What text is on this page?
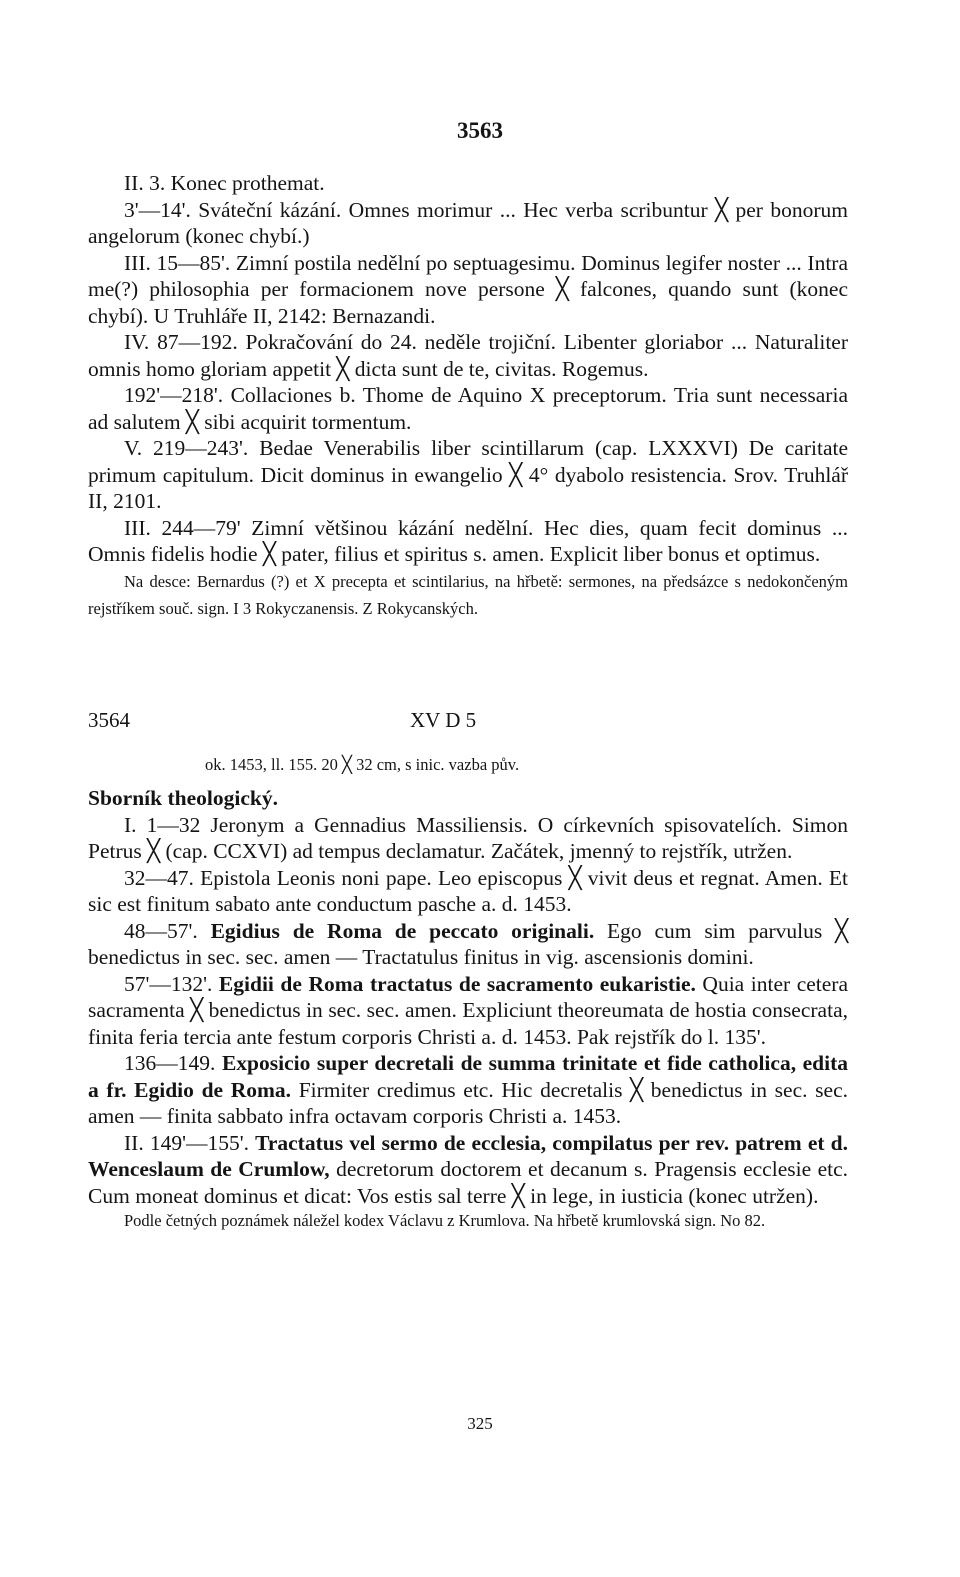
3563

II. 3. Konec prothemat.

3'—14'. Sváteční kázání. Omnes morimur ... Hec verba scribuntur ╳ per bonorum angelorum (konec chybí.)

III. 15—85'. Zimní postila nedělní po septuagesimu. Dominus legifer noster ... Intra me(?) philosophia per formacionem nove persone ╳ falcones, quando sunt (konec chybí). U Truhláře II, 2142: Bernazandi.

IV. 87—192. Pokračování do 24. neděle trojiční. Libenter gloriabor ... Naturaliter omnis homo gloriam appetit ╳ dicta sunt de te, civitas. Rogemus.

192'—218'. Collaciones b. Thome de Aquino X preceptorum. Tria sunt necessaria ad salutem ╳ sibi acquirit tormentum.

V. 219—243'. Bedae Venerabilis liber scintillarum (cap. LXXXVI) De caritate primum capitulum. Dicit dominus in ewangelio ╳ 4° dyabolo resistencia. Srov. Truhlář II, 2101.

III. 244—79' Zimní většinou kázání nedělní. Hec dies, quam fecit dominus ... Omnis fidelis hodie ╳ pater, filius et spiritus s. amen. Explicit liber bonus et optimus.

Na desce: Bernardus (?) et X precepta et scintilarius, na hřbetě: sermones, na předsázce s nedokončeným rejstříkem souč. sign. I 3 Rokyczanensis. Z Rokycanských.

3564	XV D 5
ok. 1453, ll. 155. 20 ╳ 32 cm, s inic. vazba pův.

Sborník theologický.

I. 1—32 Jeronym a Gennadius Massiliensis. O církevních spisovatelích. Simon Petrus ╳ (cap. CCXVI) ad tempus declamatur. Začátek, jmenný to rejstřík, utržen.

32—47. Epistola Leonis noni pape. Leo episcopus ╳ vivit deus et regnat. Amen. Et sic est finitum sabato ante conductum pasche a. d. 1453.

48—57'. Egidius de Roma de peccato originali. Ego cum sim parvulus ╳ benedictus in sec. sec. amen — Tractatulus finitus in vig. ascensionis domini.

57'—132'. Egidii de Roma tractatus de sacramento eukaristie. Quia inter cetera sacramenta ╳ benedictus in sec. sec. amen. Expliciunt theoreumata de hostia consecrata, finita feria tercia ante festum corporis Christi a. d. 1453. Pak rejstřík do l. 135'.

136—149. Exposicio super decretali de summa trinitate et fide catholica, edita a fr. Egidio de Roma. Firmiter credimus etc. Hic decretalis ╳ benedictus in sec. sec. amen — finita sabbato infra octavam corporis Christi a. 1453.

II. 149'—155'. Tractatus vel sermo de ecclesia, compilatus per rev. patrem et d. Wenceslaum de Crumlow, decretorum doctorem et decanum s. Pragensis ecclesie etc. Cum moneat dominus et dicat: Vos estis sal terre ╳ in lege, in iusticia (konec utržen).

Podle četných poznámek náležel kodex Václavu z Krumlova. Na hřbetě krumlovská sign. No 82.

325
